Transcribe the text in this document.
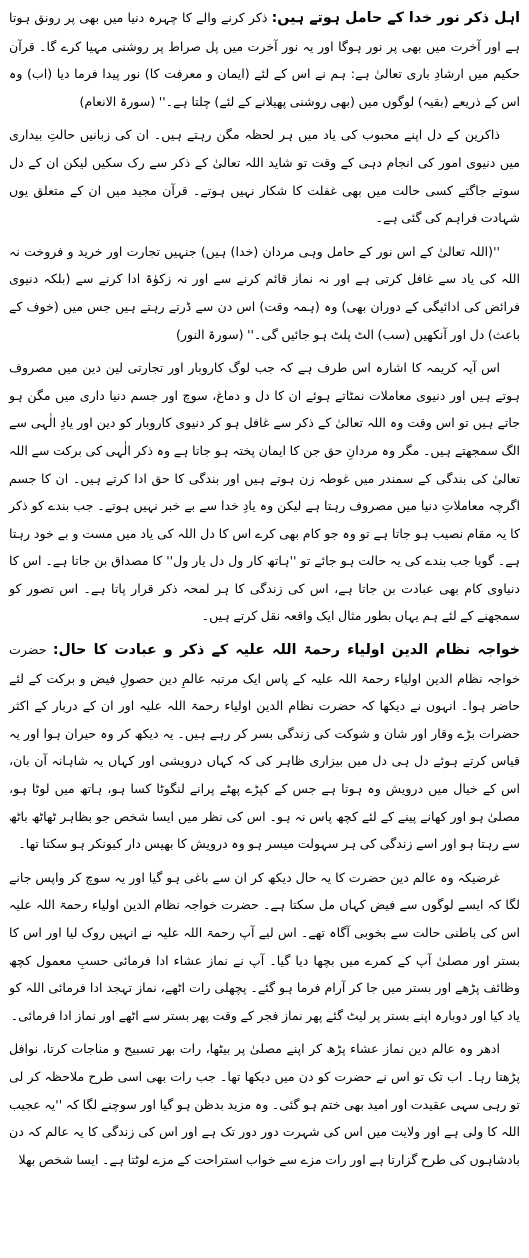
اہل ذکر نور خدا کے حامل ہوتے ہیں: ذکر کرنے والے کا چہرہ دنیا میں بھی پر رونق ہوتا ہے اور آخرت میں بھی پر نور ہوگا اور یہ نور آخرت میں پل صراط پر روشنی مہیا کرے گا۔ قرآن حکیم میں ارشادِ باری تعالیٰ ہے: ہم نے اس کے لئے (ایمان و معرفت کا) نور پیدا فرما دیا (اب) وہ اس کے ذریعے (بقیہ) لوگوں میں (بھی روشنی پھیلانے کے لئے) چلتا ہے۔'' (سورۃ الانعام)

ذاکرین کے دل اپنے محبوب کی یاد میں ہر لحظہ مگن رہتے ہیں۔ ان کی زبانیں حالتِ بیداری میں دنیوی امور کی انجام دہی کے وقت تو شاید اللہ تعالیٰ کے ذکر سے رک سکیں لیکن ان کے دل سوتے جاگتے کسی حالت میں بھی غفلت کا شکار نہیں ہوتے۔ قرآن مجید میں ان کے متعلق یوں شہادت فراہم کی گئی ہے۔

''(اللہ تعالیٰ کے اس نور کے حامل وہی مردان (خدا) ہیں) جنہیں تجارت اور خرید و فروخت نہ اللہ کی یاد سے غافل کرتی ہے اور نہ نماز قائم کرنے سے اور نہ زکوٰۃ ادا کرنے سے (بلکہ دنیوی فرائض کی ادائیگی کے دوران بھی) وہ (ہمہ وقت) اس دن سے ڈرتے رہتے ہیں جس میں (خوف کے باعث) دل اور آنکھیں (سب) الٹ پلٹ ہو جائیں گی۔'' (سورۃ النور)

اس آیہ کریمہ کا اشارہ اس طرف ہے کہ جب لوگ کاروبار اور تجارتی لین دین میں مصروف ہوتے ہیں اور دنیوی معاملات نمٹاتے ہوئے ان کا دل و دماغ، سوچ اور جسم دنیا داری میں مگن ہو جاتے ہیں تو اس وقت وہ اللہ تعالیٰ کے ذکر سے غافل ہو کر دنیوی کاروبار کو دین اور یادِ الٰہی سے الگ سمجھتے ہیں۔ مگر وہ مردانِ حق جن کا ایمان پختہ ہو جاتا ہے وہ ذکر الٰہی کی برکت سے اللہ تعالیٰ کی بندگی کے سمندر میں غوطہ زن ہوتے ہیں اور بندگی کا حق ادا کرتے ہیں۔ ان کا جسم اگرچہ معاملاتِ دنیا میں مصروف رہتا ہے لیکن وہ یادِ خدا سے بے خبر نہیں ہوتے۔ جب بندے کو ذکر کا یہ مقام نصیب ہو جاتا ہے تو وہ جو کام بھی کرے اس کا دل اللہ کی یاد میں مست و بے خود رہتا ہے۔ گویا جب بندے کی یہ حالت ہو جائے تو ''ہاتھ کار ول دل یار ول'' کا مصداق بن جاتا ہے۔ اس کا دنیاوی کام بھی عبادت بن جاتا ہے، اس کی زندگی کا ہر لمحہ ذکر قرار پاتا ہے۔ اس تصور کو سمجھنے کے لئے ہم یہاں بطور مثال ایک واقعہ نقل کرتے ہیں۔

خواجہ نظام الدین اولیاء رحمۃ اللہ علیہ کے ذکر و عبادت کا حال: حضرت خواجہ نظام الدین اولیاء رحمۃ اللہ علیہ کے پاس ایک مرتبہ عالمِ دین حصولِ فیض و برکت کے لئے حاضر ہوا۔ انہوں نے دیکھا کہ حضرت نظام الدین اولیاء رحمۃ اللہ علیہ اور ان کے دربار کے اکثر حضرات بڑے وقار اور شان و شوکت کی زندگی بسر کر رہے ہیں۔ یہ دیکھ کر وہ حیران ہوا اور یہ قیاس کرتے ہوئے دل ہی دل میں بیزاری ظاہر کی کہ کہاں درویشی اور کہاں یہ شاہانہ آن بان، اس کے خیال میں درویش وہ ہوتا ہے جس کے کپڑے پھٹے پرانے لنگوٹا کسا ہو، ہاتھ میں لوٹا ہو، مصلیٰ ہو اور کھانے پینے کے لئے کچھ پاس نہ ہو۔ اس کی نظر میں ایسا شخص جو بظاہر ٹھاٹھ باٹھ سے رہتا ہو اور اسے زندگی کی ہر سہولت میسر ہو وہ درویش کا بھیس دار کیونکر ہو سکتا تھا۔

غرضیکہ وہ عالم دین حضرت کا یہ حال دیکھ کر ان سے باغی ہو گیا اور یہ سوچ کر واپس جانے لگا کہ ایسے لوگوں سے فیض کہاں مل سکتا ہے۔ حضرت خواجہ نظام الدین اولیاء رحمۃ اللہ علیہ اس کی باطنی حالت سے بخوبی آگاہ تھے۔ اس لیے آپ رحمۃ اللہ علیہ نے انہیں روک لیا اور اس کا بستر اور مصلیٰ آپ کے کمرے میں بچھا دیا گیا۔ آپ نے نماز عشاء ادا فرمائی حسبِ معمول کچھ وظائف پڑھے اور بستر میں جا کر آرام فرما ہو گئے۔ پچھلی رات اٹھے، نماز تہجد ادا فرمائی اللہ کو یاد کیا اور دوبارہ اپنے بستر پر لیٹ گئے پھر نماز فجر کے وقت پھر بستر سے اٹھے اور نماز ادا فرمائی۔

ادھر وہ عالم دین نماز عشاء پڑھ کر اپنے مصلیٰ پر بیٹھا، رات بھر تسبیح و مناجات کرتا، نوافل پڑھتا رہا۔ اب تک تو اس نے حضرت کو دن میں دیکھا تھا۔ جب رات بھی اسی طرح ملاحظہ کر لی تو رہی سہی عقیدت اور امید بھی ختم ہو گئی۔ وہ مزید بدظن ہو گیا اور سوچنے لگا کہ ''یہ عجیب اللہ کا ولی ہے اور ولایت میں اس کی شہرت دور دور تک ہے اور اس کی زندگی کا یہ عالم کہ دن بادشاہوں کی طرح گزارتا ہے اور رات مزے سے خواب استراحت کے مزے لوٹتا ہے۔ ایسا شخص بھلا
